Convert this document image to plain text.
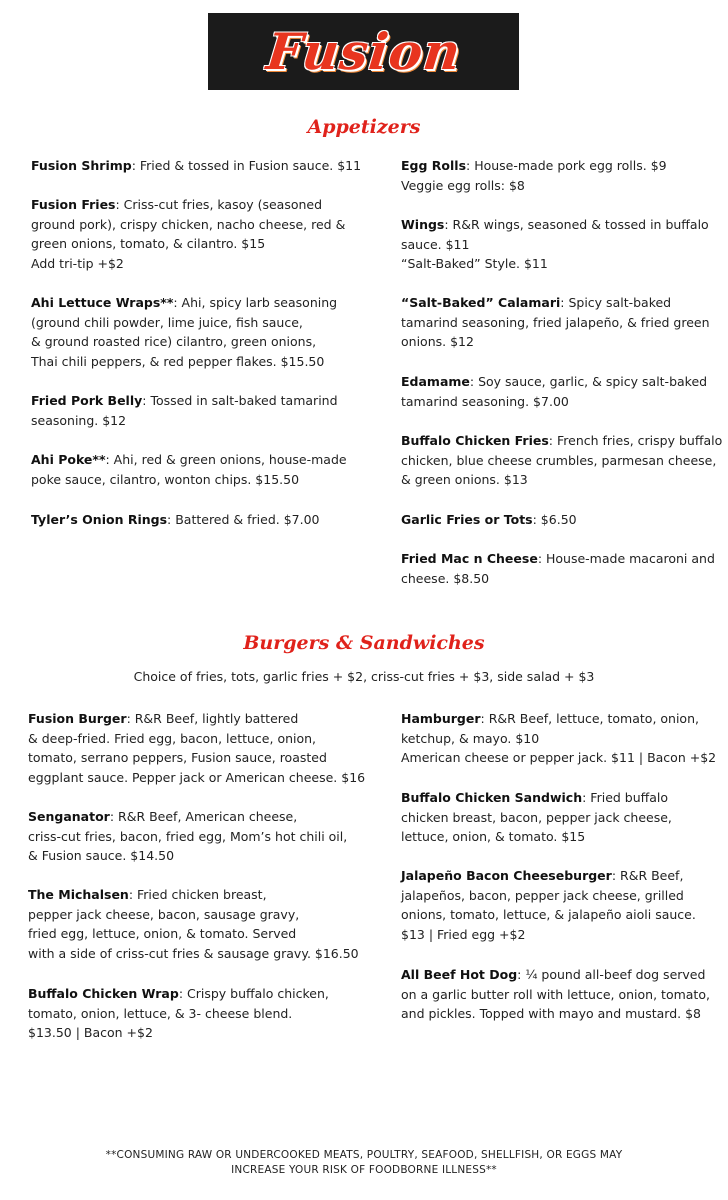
Fusion
Appetizers
Fusion Shrimp: Fried & tossed in Fusion sauce. $11
Fusion Fries: Criss-cut fries, kasoy (seasoned
ground pork), crispy chicken, nacho cheese, red &
green onions, tomato, & cilantro. $15
Add tri-tip +$2
Ahi Lettuce Wraps**: Ahi, spicy larb seasoning
(ground chili powder, lime juice, fish sauce,
& ground roasted rice) cilantro, green onions,
Thai chili peppers, & red pepper flakes. $15.50
Fried Pork Belly: Tossed in salt-baked tamarind
seasoning. $12
Ahi Poke**: Ahi, red & green onions, house-made
poke sauce, cilantro, wonton chips. $15.50
Tyler’s Onion Rings: Battered & fried. $7.00
Egg Rolls: House-made pork egg rolls. $9
Veggie egg rolls: $8
Wings: R&R wings, seasoned & tossed in buffalo
sauce. $11
“Salt-Baked” Style. $11
“Salt-Baked” Calamari: Spicy salt-baked
tamarind seasoning, fried jalapeño, & fried green
onions. $12
Edamame: Soy sauce, garlic, & spicy salt-baked
tamarind seasoning. $7.00
Buffalo Chicken Fries: French fries, crispy buffalo
chicken, blue cheese crumbles, parmesan cheese,
& green onions. $13
Garlic Fries or Tots: $6.50
Fried Mac n Cheese: House-made macaroni and
cheese. $8.50
Burgers & Sandwiches
Choice of fries, tots, garlic fries + $2, criss-cut fries + $3, side salad + $3
Fusion Burger: R&R Beef, lightly battered
& deep-fried. Fried egg, bacon, lettuce, onion,
tomato, serrano peppers, Fusion sauce, roasted
eggplant sauce. Pepper jack or American cheese. $16
Senganator: R&R Beef, American cheese,
criss-cut fries, bacon, fried egg, Mom’s hot chili oil,
& Fusion sauce. $14.50
The Michalsen: Fried chicken breast,
pepper jack cheese, bacon, sausage gravy,
fried egg, lettuce, onion, & tomato. Served
with a side of criss-cut fries & sausage gravy. $16.50
Buffalo Chicken Wrap: Crispy buffalo chicken,
tomato, onion, lettuce, & 3- cheese blend.
$13.50 | Bacon +$2
Hamburger: R&R Beef, lettuce, tomato, onion,
ketchup, & mayo. $10
American cheese or pepper jack. $11 | Bacon +$2
Buffalo Chicken Sandwich: Fried buffalo
chicken breast, bacon, pepper jack cheese,
lettuce, onion, & tomato. $15
Jalapeño Bacon Cheeseburger: R&R Beef,
jalapeños, bacon, pepper jack cheese, grilled
onions, tomato, lettuce, & jalapeño aioli sauce.
$13 | Fried egg +$2
All Beef Hot Dog: ¼ pound all-beef dog served
on a garlic butter roll with lettuce, onion, tomato,
and pickles. Topped with mayo and mustard. $8
**CONSUMING RAW OR UNDERCOOKED MEATS, POULTRY, SEAFOOD, SHELLFISH, OR EGGS MAY
INCREASE YOUR RISK OF FOODBORNE ILLNESS**
